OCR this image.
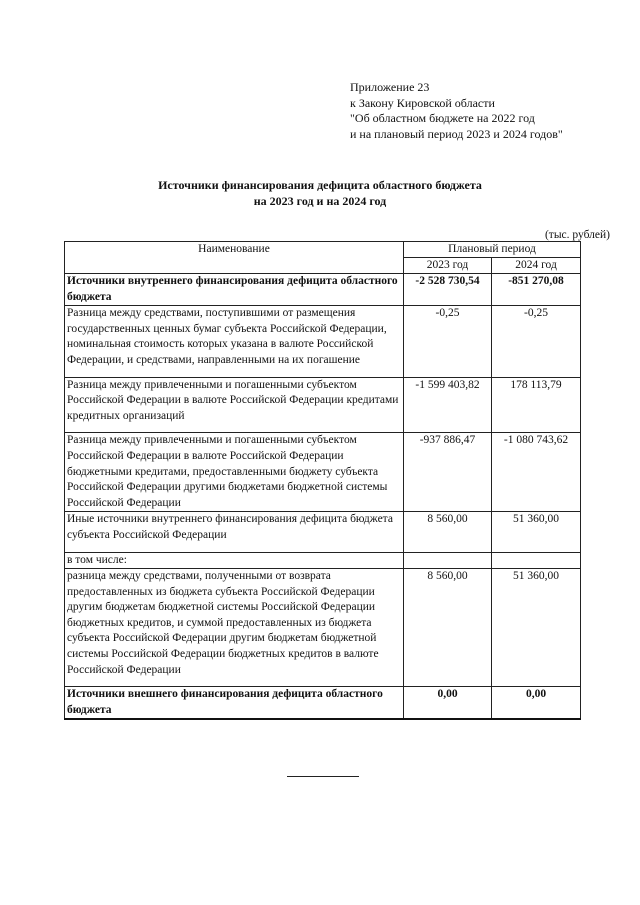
Приложение 23
к Закону Кировской области
"Об областном бюджете на 2022 год
и на плановый период 2023 и 2024 годов"
Источники финансирования дефицита областного бюджета
на 2023 год и на 2024 год
(тыс. рублей)
Наименование	Плановый период	
	2023 год	2024 год
Источники внутреннего финансирования дефицита областного бюджета	-2 528 730,54	-851 270,08
Разница между средствами, поступившими от размещения государственных ценных бумаг субъекта Российской Федерации, номинальная стоимость которых указана в валюте Российской Федерации, и средствами, направленными на их погашение	-0,25	-0,25
Разница между привлеченными и погашенными субъектом Российской Федерации в валюте Российской Федерации кредитами кредитных организаций	-1 599 403,82	178 113,79
Разница между привлеченными и погашенными субъектом Российской Федерации в валюте Российской Федерации бюджетными кредитами, предоставленными бюджету субъекта Российской Федерации другими бюджетами бюджетной системы Российской Федерации	-937 886,47	-1 080 743,62
Иные источники внутреннего финансирования дефицита бюджета субъекта Российской Федерации	8 560,00	51 360,00
в том числе:		
разница между средствами, полученными от возврата предоставленных из бюджета субъекта Российской Федерации другим бюджетам бюджетной системы Российской Федерации бюджетных кредитов, и суммой предоставленных из бюджета субъекта Российской Федерации другим бюджетам бюджетной системы Российской Федерации бюджетных кредитов в валюте Российской Федерации	8 560,00	51 360,00
Источники внешнего финансирования дефицита областного бюджета	0,00	0,00
